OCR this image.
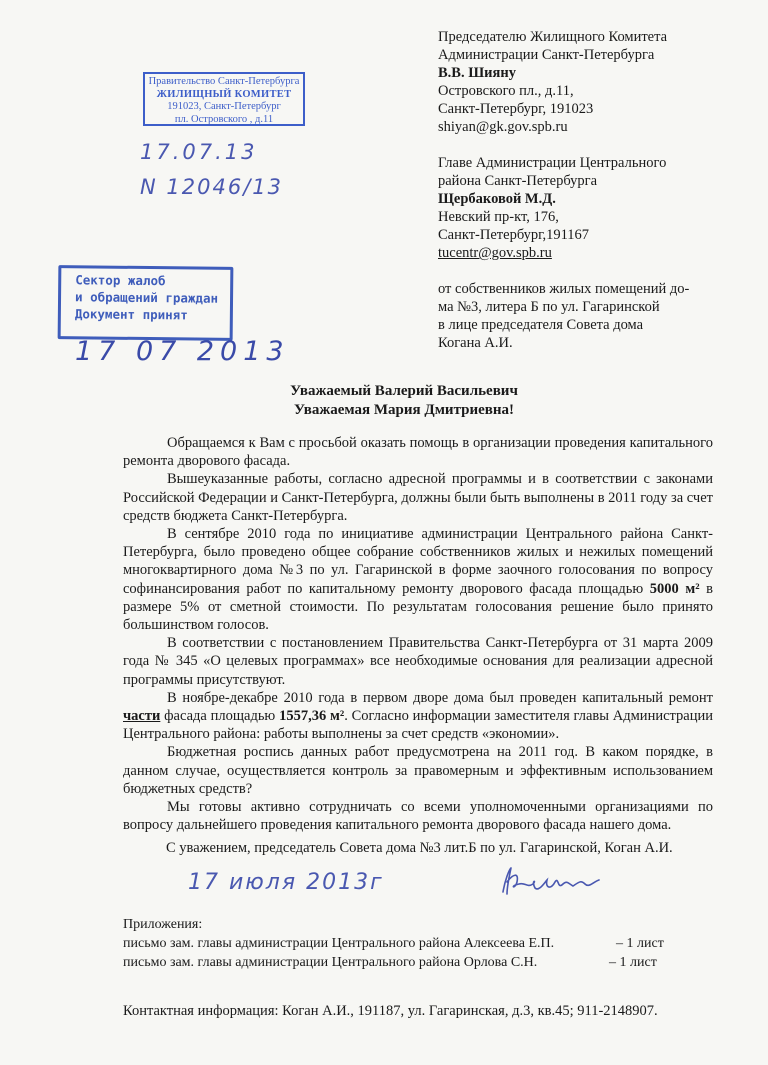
Председателю Жилищного Комитета
Администрации Санкт-Петербурга
В.В. Шияну
Островского пл., д.11,
Санкт-Петербург, 191023
shiyan@gk.gov.spb.ru
Главе Администрации Центрального
района Санкт-Петербурга
Щербаковой М.Д.
Невский пр-кт, 176,
Санкт-Петербург,191167
tucentr@gov.spb.ru
от собственников жилых помещений до-
ма №3, литера Б по ул. Гагаринской
в лице председателя Совета дома
Когана А.И.
Правительство Санкт-Петербурга
ЖИЛИЩНЫЙ КОМИТЕТ
191023, Санкт-Петербург
пл. Островского , д.11
17.07.13
N 12046/13
Сектор жалоб
и обращений граждан
Документ принят
17 07 2013
Уважаемый Валерий Васильевич
Уважаемая Мария Дмитриевна!

Обращаемся к Вам с просьбой оказать помощь в организации проведения капитального ремонта дворового фасада.

Вышеуказанные работы, согласно адресной программы и в соответствии с законами Российской Федерации и Санкт-Петербурга, должны были быть выполнены в 2011 году за счет средств бюджета Санкт-Петербурга.

В сентябре 2010 года по инициативе администрации Центрального района Санкт-Петербурга, было проведено общее собрание собственников жилых и нежилых помещений многоквартирного дома №3 по ул. Гагаринской в форме заочного голосования по вопросу софинансирования работ по капитальному ремонту дворового фасада площадью 5000 м² в размере 5% от сметной стоимости. По результатам голосования решение было принято большинством голосов.

В соответствии с постановлением Правительства Санкт-Петербурга от 31 марта 2009 года № 345 «О целевых программах» все необходимые основания для реализации адресной программы присутствуют.

В ноябре-декабре 2010 года в первом дворе дома был проведен капитальный ремонт части фасада площадью 1557,36 м². Согласно информации заместителя главы Администрации Центрального района: работы выполнены за счет средств «экономии».

Бюджетная роспись данных работ предусмотрена на 2011 год. В каком порядке, в данном случае, осуществляется контроль за правомерным и эффективным использованием бюджетных средств?

Мы готовы активно сотрудничать со всеми уполномоченными организациями по вопросу дальнейшего проведения капитального ремонта дворового фасада нашего дома.

С уважением, председатель Совета дома №3 лит.Б по ул. Гагаринской, Коган А.И.
17 июля 2013г
Приложения:
письмо зам. главы администрации Центрального района Алексеева Е.П.	– 1 лист
письмо зам. главы администрации Центрального района Орлова С.Н.	– 1 лист
Контактная информация: Коган А.И., 191187, ул. Гагаринская, д.3, кв.45; 911-2148907.
